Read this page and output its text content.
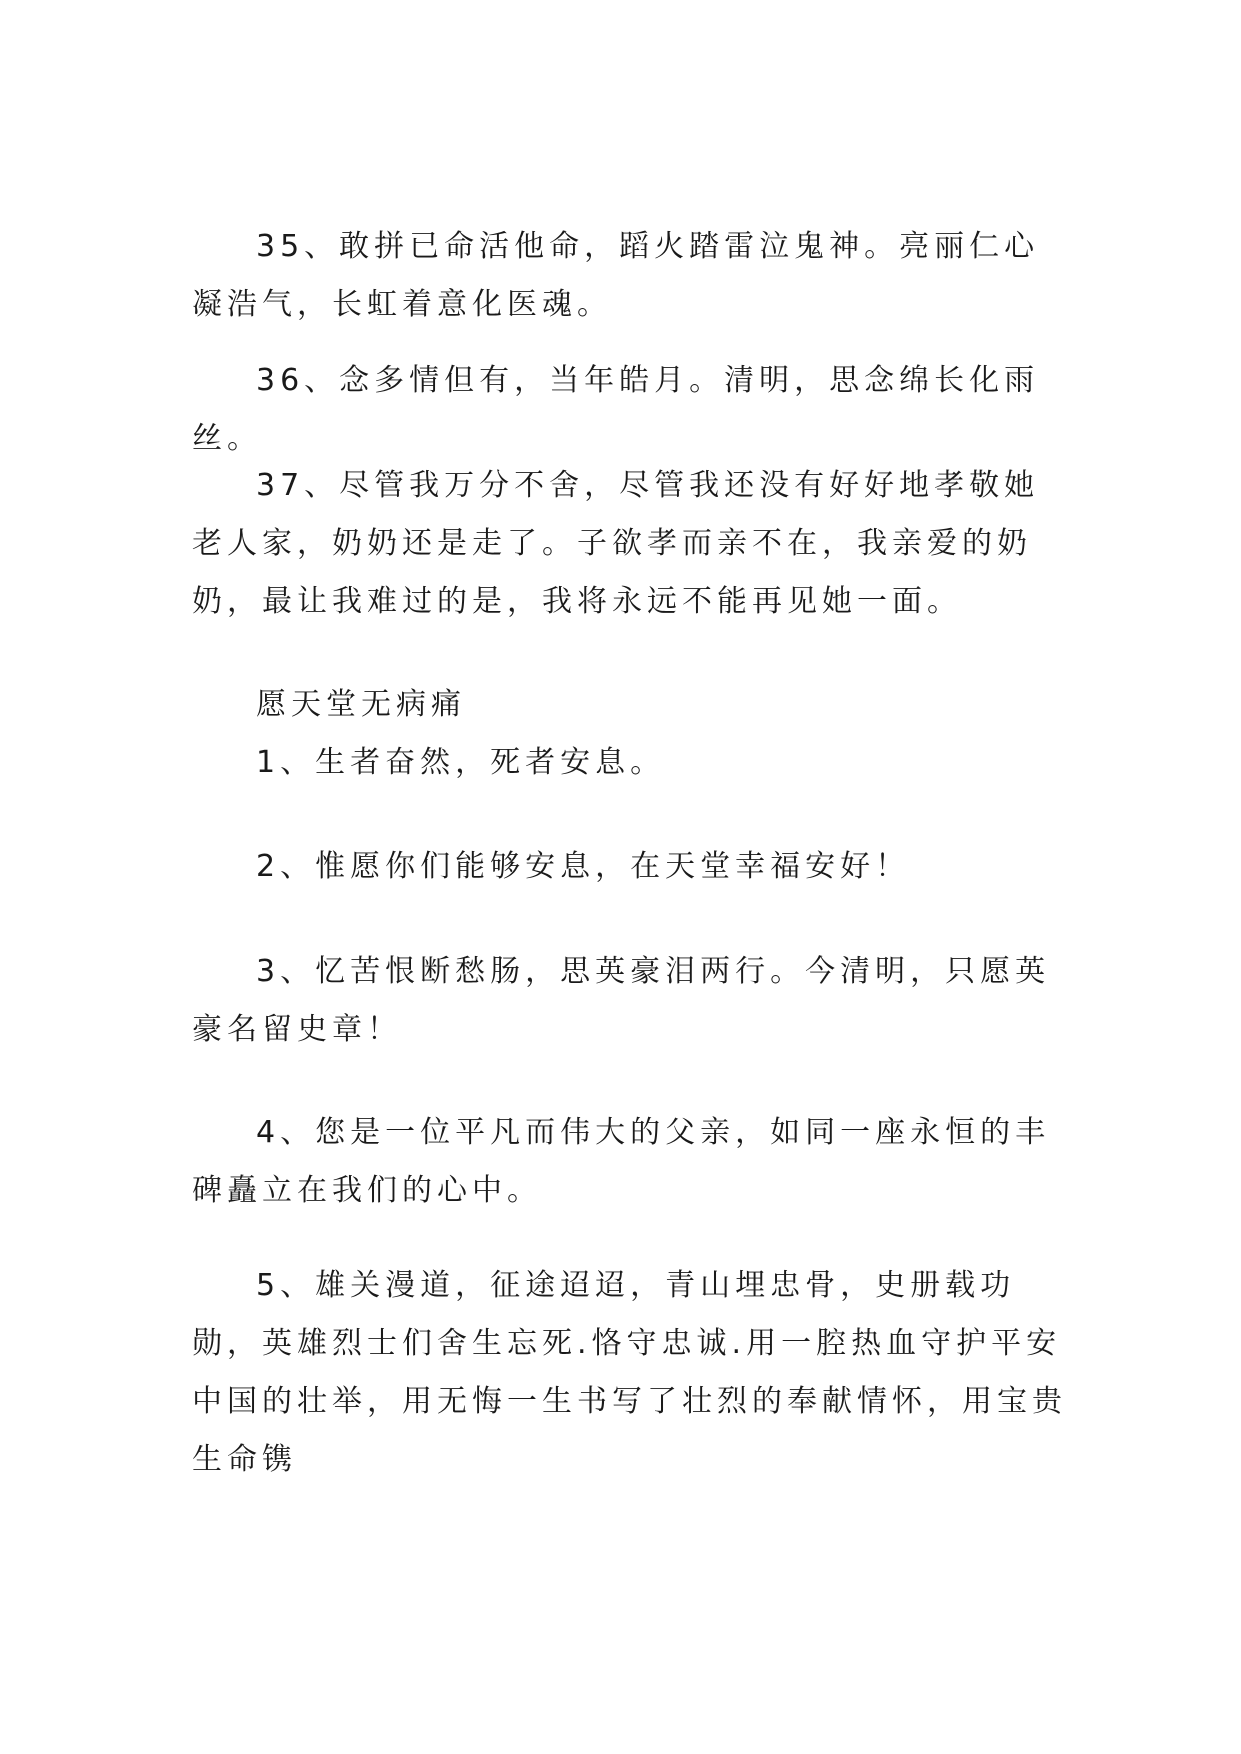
35、敢拼已命活他命，蹈火踏雷泣鬼神。亮丽仁心凝浩气，长虹着意化医魂。

36、念多情但有，当年皓月。清明，思念绵长化雨丝。

37、尽管我万分不舍，尽管我还没有好好地孝敬她老人家，奶奶还是走了。子欲孝而亲不在，我亲爱的奶奶，最让我难过的是，我将永远不能再见她一面。

愿天堂无病痛

1、生者奋然，死者安息。

2、惟愿你们能够安息，在天堂幸福安好！

3、忆苦恨断愁肠，思英豪泪两行。今清明，只愿英豪名留史章！

4、您是一位平凡而伟大的父亲，如同一座永恒的丰碑矗立在我们的心中。

5、雄关漫道，征途迢迢，青山埋忠骨，史册载功勋，英雄烈士们舍生忘死.恪守忠诚.用一腔热血守护平安中国的壮举，用无悔一生书写了壮烈的奉献情怀，用宝贵生命镌
